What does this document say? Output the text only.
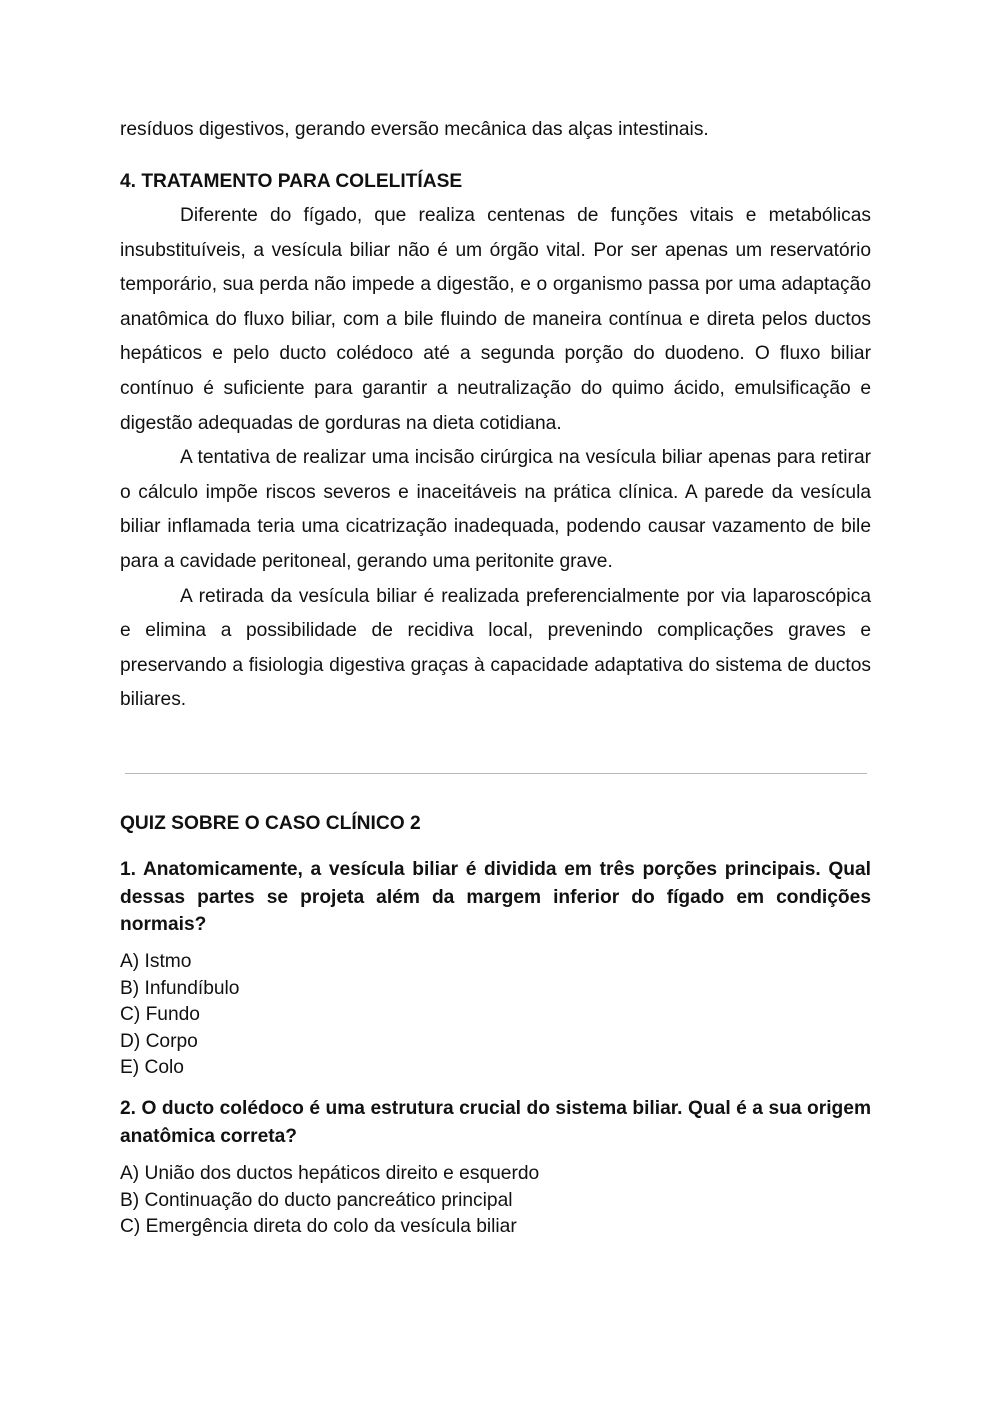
resíduos digestivos, gerando eversão mecânica das alças intestinais.

4. TRATAMENTO PARA COLELITÍASE

Diferente do fígado, que realiza centenas de funções vitais e metabólicas insubstituíveis, a vesícula biliar não é um órgão vital. Por ser apenas um reservatório temporário, sua perda não impede a digestão, e o organismo passa por uma adaptação anatômica do fluxo biliar, com a bile fluindo de maneira contínua e direta pelos ductos hepáticos e pelo ducto colédoco até a segunda porção do duodeno. O fluxo biliar contínuo é suficiente para garantir a neutralização do quimo ácido, emulsificação e digestão adequadas de gorduras na dieta cotidiana.

A tentativa de realizar uma incisão cirúrgica na vesícula biliar apenas para retirar o cálculo impõe riscos severos e inaceitáveis na prática clínica. A parede da vesícula biliar inflamada teria uma cicatrização inadequada, podendo causar vazamento de bile para a cavidade peritoneal, gerando uma peritonite grave.

A retirada da vesícula biliar é realizada preferencialmente por via laparoscópica e elimina a possibilidade de recidiva local, prevenindo complicações graves e preservando a fisiologia digestiva graças à capacidade adaptativa do sistema de ductos biliares.

QUIZ SOBRE O CASO CLÍNICO 2

1. Anatomicamente, a vesícula biliar é dividida em três porções principais. Qual dessas partes se projeta além da margem inferior do fígado em condições normais?

A) Istmo
B) Infundíbulo
C) Fundo
D) Corpo
E) Colo

2. O ducto colédoco é uma estrutura crucial do sistema biliar. Qual é a sua origem anatômica correta?

A) União dos ductos hepáticos direito e esquerdo
B) Continuação do ducto pancreático principal
C) Emergência direta do colo da vesícula biliar
